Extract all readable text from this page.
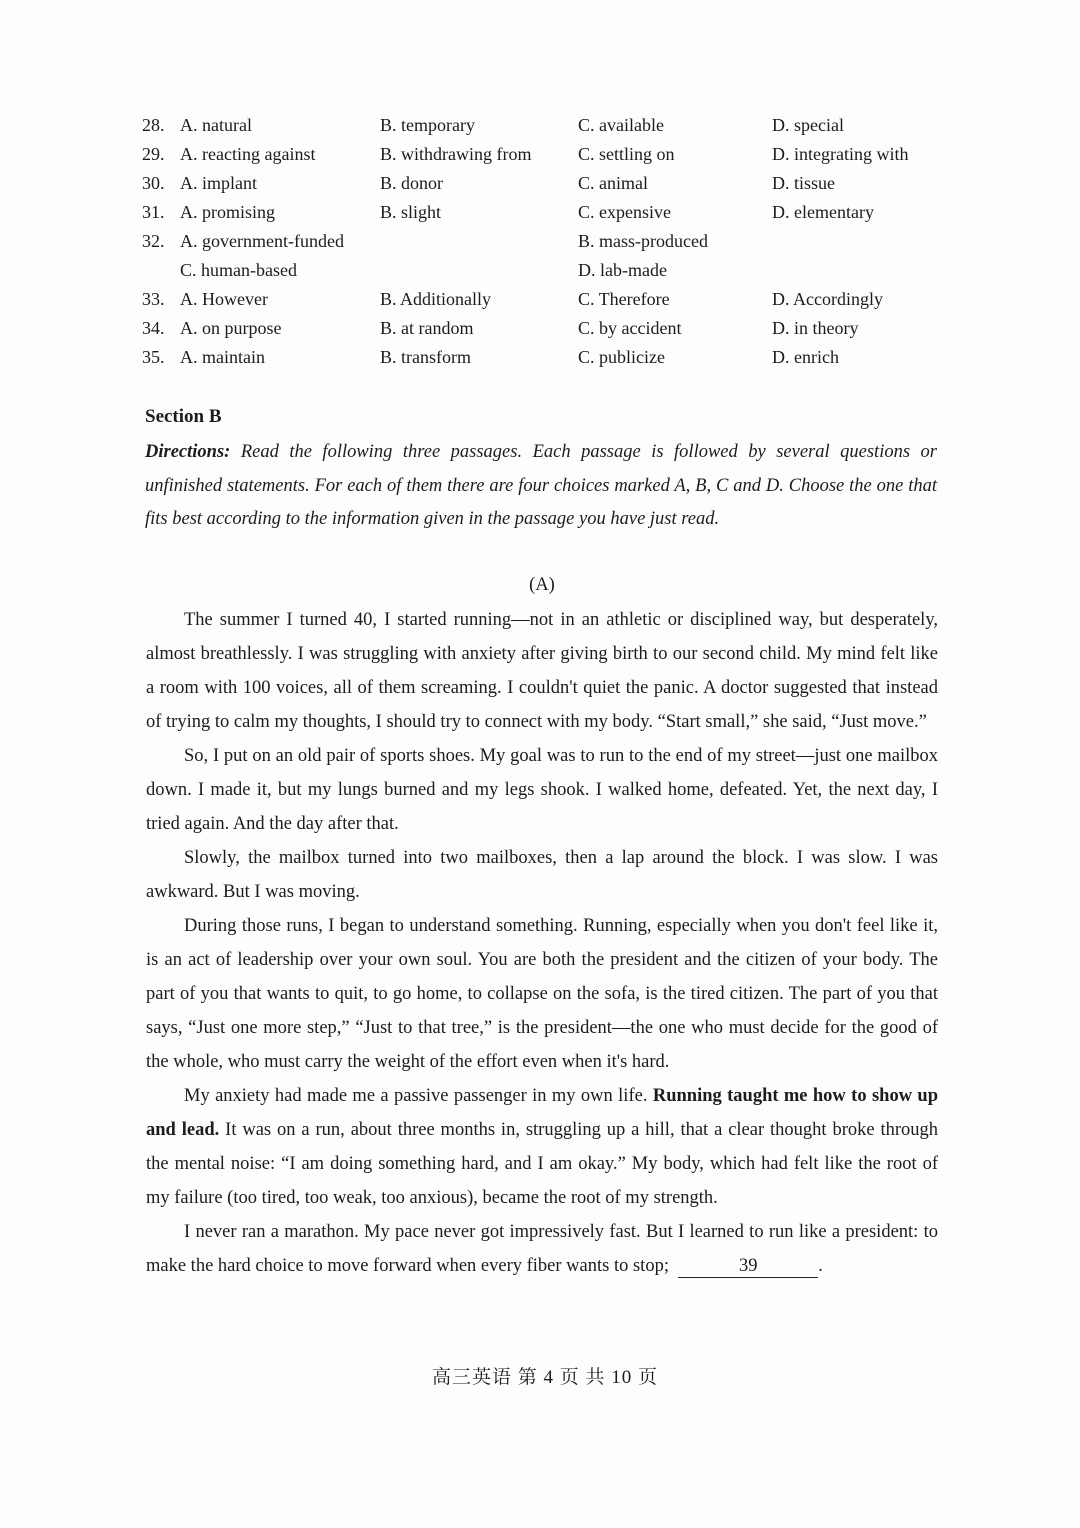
28. A. natural	B. temporary	C. available	D. special
29. A. reacting against	B. withdrawing from	C. settling on	D. integrating with
30. A. implant	B. donor	C. animal	D. tissue
31. A. promising	B. slight	C. expensive	D. elementary
32. A. government-funded	B. mass-produced
C. human-based	D. lab-made
33. A. However	B. Additionally	C. Therefore	D. Accordingly
34. A. on purpose	B. at random	C. by accident	D. in theory
35. A. maintain	B. transform	C. publicize	D. enrich
Section B
Directions: Read the following three passages. Each passage is followed by several questions or unfinished statements. For each of them there are four choices marked A, B, C and D. Choose the one that fits best according to the information given in the passage you have just read.
(A)

The summer I turned 40, I started running—not in an athletic or disciplined way, but desperately, almost breathlessly. I was struggling with anxiety after giving birth to our second child. My mind felt like a room with 100 voices, all of them screaming. I couldn't quiet the panic. A doctor suggested that instead of trying to calm my thoughts, I should try to connect with my body. “Start small,” she said, “Just move.”

So, I put on an old pair of sports shoes. My goal was to run to the end of my street—just one mailbox down. I made it, but my lungs burned and my legs shook. I walked home, defeated. Yet, the next day, I tried again. And the day after that.

Slowly, the mailbox turned into two mailboxes, then a lap around the block. I was slow. I was awkward. But I was moving.

During those runs, I began to understand something. Running, especially when you don't feel like it, is an act of leadership over your own soul. You are both the president and the citizen of your body. The part of you that wants to quit, to go home, to collapse on the sofa, is the tired citizen. The part of you that says, “Just one more step,” “Just to that tree,” is the president—the one who must decide for the good of the whole, who must carry the weight of the effort even when it's hard.

My anxiety had made me a passive passenger in my own life. Running taught me how to show up and lead. It was on a run, about three months in, struggling up a hill, that a clear thought broke through the mental noise: “I am doing something hard, and I am okay.” My body, which had felt like the root of my failure (too tired, too weak, too anxious), became the root of my strength.

I never ran a marathon. My pace never got impressively fast. But I learned to run like a president: to make the hard choice to move forward when every fiber wants to stop;	39	.

高三英语 第 4 页 共 10 页
